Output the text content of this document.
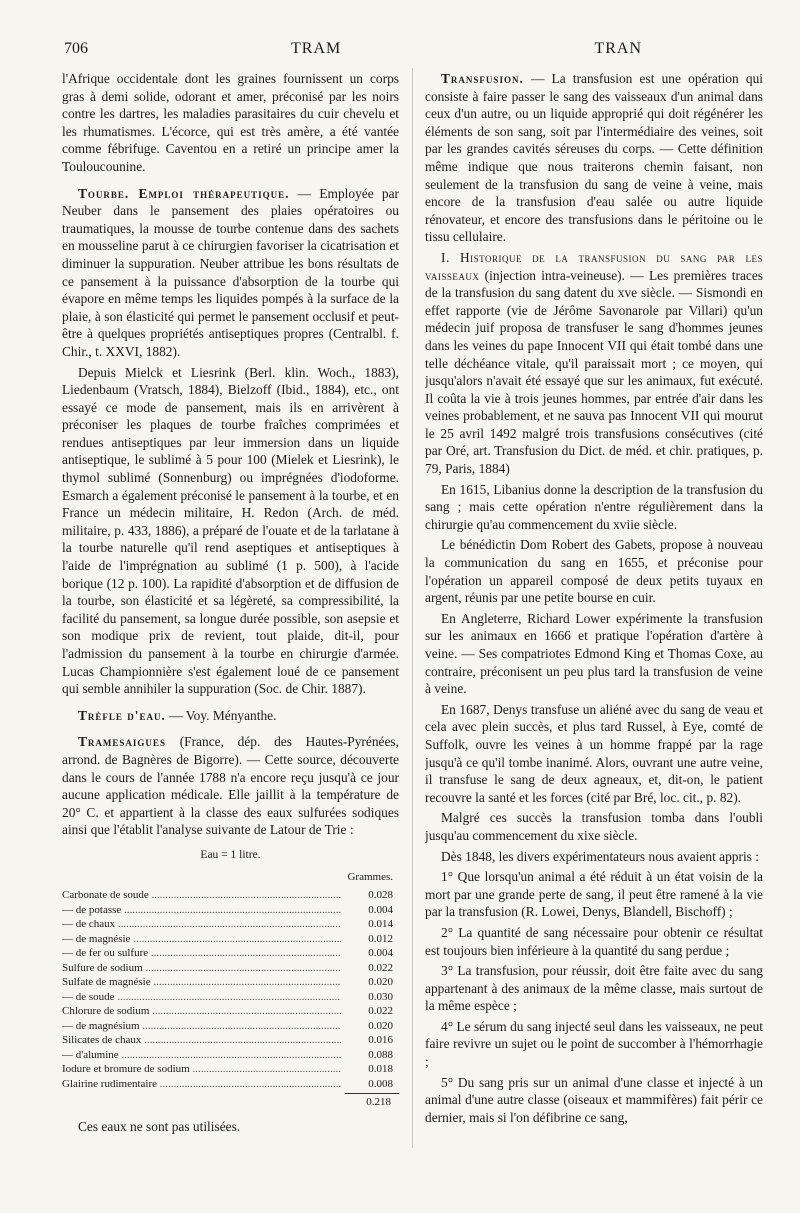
706	TRAM	TRAN

l'Afrique occidentale dont les graines fournissent un corps gras à demi solide, odorant et amer, préconisé par les noirs contre les dartres, les maladies parasitaires du cuir chevelu et les rhumatismes. L'écorce, qui est très amère, a été vantée comme fébrifuge. Caventou en a retiré un principe amer la Touloucounine.

Tourbe. Emploi thérapeutique. — Employée par Neuber dans le pansement des plaies opératoires ou traumatiques, la mousse de tourbe contenue dans des sachets en mousseline parut à ce chirurgien favoriser la cicatrisation et diminuer la suppuration. Neuber attribue les bons résultats de ce pansement à la puissance d'absorption de la tourbe qui évapore en même temps les liquides pompés à la surface de la plaie, à son élasticité qui permet le pansement occlusif et peut-être à quelques propriétés antiseptiques propres (Centralbl. f. Chir., t. XXVI, 1882).

Depuis Mielck et Liesrink (Berl. klin. Woch., 1883), Liedenbaum (Vratsch, 1884), Bielzoff (Ibid., 1884), etc., ont essayé ce mode de pansement, mais ils en arrivèrent à préconiser les plaques de tourbe fraîches comprimées et rendues antiseptiques par leur immersion dans un liquide antiseptique, le sublimé à 5 pour 100 (Mielek et Liesrink), le thymol sublimé (Sonnenburg) ou imprégnées d'iodoforme. Esmarch a également préconisé le pansement à la tourbe, et en France un médecin militaire, H. Redon (Arch. de méd. militaire, p. 433, 1886), a préparé de l'ouate et de la tarlatane à la tourbe naturelle qu'il rend aseptiques et antiseptiques à l'aide de l'imprégnation au sublimé (1 p. 500), à l'acide borique (12 p. 100). La rapidité d'absorption et de diffusion de la tourbe, son élasticité et sa légèreté, sa compressibilité, la facilité du pansement, sa longue durée possible, son asepsie et son modique prix de revient, tout plaide, dit-il, pour l'admission du pansement à la tourbe en chirurgie d'armée. Lucas Championnière s'est également loué de ce pansement qui semble annihiler la suppuration (Soc. de Chir. 1887).

Trèfle d'eau. — Voy. Ményanthe.

Tramesaigues (France, dép. des Hautes-Pyrénées, arrond. de Bagnères de Bigorre). — Cette source, découverte dans le cours de l'année 1788 n'a encore reçu jusqu'à ce jour aucune application médicale. Elle jaillit à la température de 20° C. et appartient à la classe des eaux sulfurées sodiques ainsi que l'établit l'analyse suivante de Latour de Trie :

Eau = 1 litre.
Grammes.
Carbonate de soude .....	0.028
— de potasse .....	0.004
— de chaux .....	0.014
— de magnésie .....	0.012
— de fer ou sulfure .....	0.004
Sulfure de sodium .....	0.022
Sulfate de magnésie .....	0.020
— de soude .....	0.030
Chlorure de sodium .....	0.022
— de magnésium .....	0.020
Silicates de chaux .....	0.016
— d'alumine .....	0.088
Iodure et bromure de sodium .....	0.018
Glairine rudimentaire .....	0.008
0.218

Ces eaux ne sont pas utilisées.

Transfusion. — La transfusion est une opération qui consiste à faire passer le sang des vaisseaux d'un animal dans ceux d'un autre, ou un liquide approprié qui doit régénérer les éléments de son sang, soit par l'intermédiaire des veines, soit par les grandes cavités séreuses du corps. — Cette définition même indique que nous traiterons chemin faisant, non seulement de la transfusion du sang de veine à veine, mais encore de la transfusion d'eau salée ou autre liquide rénovateur, et encore des transfusions dans le péritoine ou le tissu cellulaire.

I. Historique de la transfusion du sang par les vaisseaux (injection intra-veineuse). — Les premières traces de la transfusion du sang datent du xve siècle. — Sismondi en effet rapporte (vie de Jérôme Savonarole par Villari) qu'un médecin juif proposa de transfuser le sang d'hommes jeunes dans les veines du pape Innocent VII qui était tombé dans une telle déchéance vitale, qu'il paraissait mort ; ce moyen, qui jusqu'alors n'avait été essayé que sur les animaux, fut exécuté. Il coûta la vie à trois jeunes hommes, par entrée d'air dans les veines probablement, et ne sauva pas Innocent VII qui mourut le 25 avril 1492 malgré trois transfusions consécutives (cité par Oré, art. Transfusion du Dict. de méd. et chir. pratiques, p. 79, Paris, 1884)

En 1615, Libanius donne la description de la transfusion du sang ; mais cette opération n'entre régulièrement dans la chirurgie qu'au commencement du xviie siècle.

Le bénédictin Dom Robert des Gabets, propose à nouveau la communication du sang en 1655, et préconise pour l'opération un appareil composé de deux petits tuyaux en argent, réunis par une petite bourse en cuir.

En Angleterre, Richard Lower expérimente la transfusion sur les animaux en 1666 et pratique l'opération d'artère à veine. — Ses compatriotes Edmond King et Thomas Coxe, au contraire, préconisent un peu plus tard la transfusion de veine à veine.

En 1687, Denys transfuse un aliéné avec du sang de veau et cela avec plein succès, et plus tard Russel, à Eye, comté de Suffolk, ouvre les veines à un homme frappé par la rage jusqu'à ce qu'il tombe inanimé. Alors, ouvrant une autre veine, il transfuse le sang de deux agneaux, et, dit-on, le patient recouvre la santé et les forces (cité par Bré, loc. cit., p. 82).

Malgré ces succès la transfusion tomba dans l'oubli jusqu'au commencement du xixe siècle.

Dès 1848, les divers expérimentateurs nous avaient appris :

1° Que lorsqu'un animal a été réduit à un état voisin de la mort par une grande perte de sang, il peut être ramené à la vie par la transfusion (R. Lowei, Denys, Blandell, Bischoff) ;

2° La quantité de sang nécessaire pour obtenir ce résultat est toujours bien inférieure à la quantité du sang perdue ;

3° La transfusion, pour réussir, doit être faite avec du sang appartenant à des animaux de la même classe, mais surtout de la même espèce ;

4° Le sérum du sang injecté seul dans les vaisseaux, ne peut faire revivre un sujet ou le point de succomber à l'hémorrhagie ;

5° Du sang pris sur un animal d'une classe et injecté à un animal d'une autre classe (oiseaux et mammifères) fait périr ce dernier, mais si l'on défibrine ce sang,
